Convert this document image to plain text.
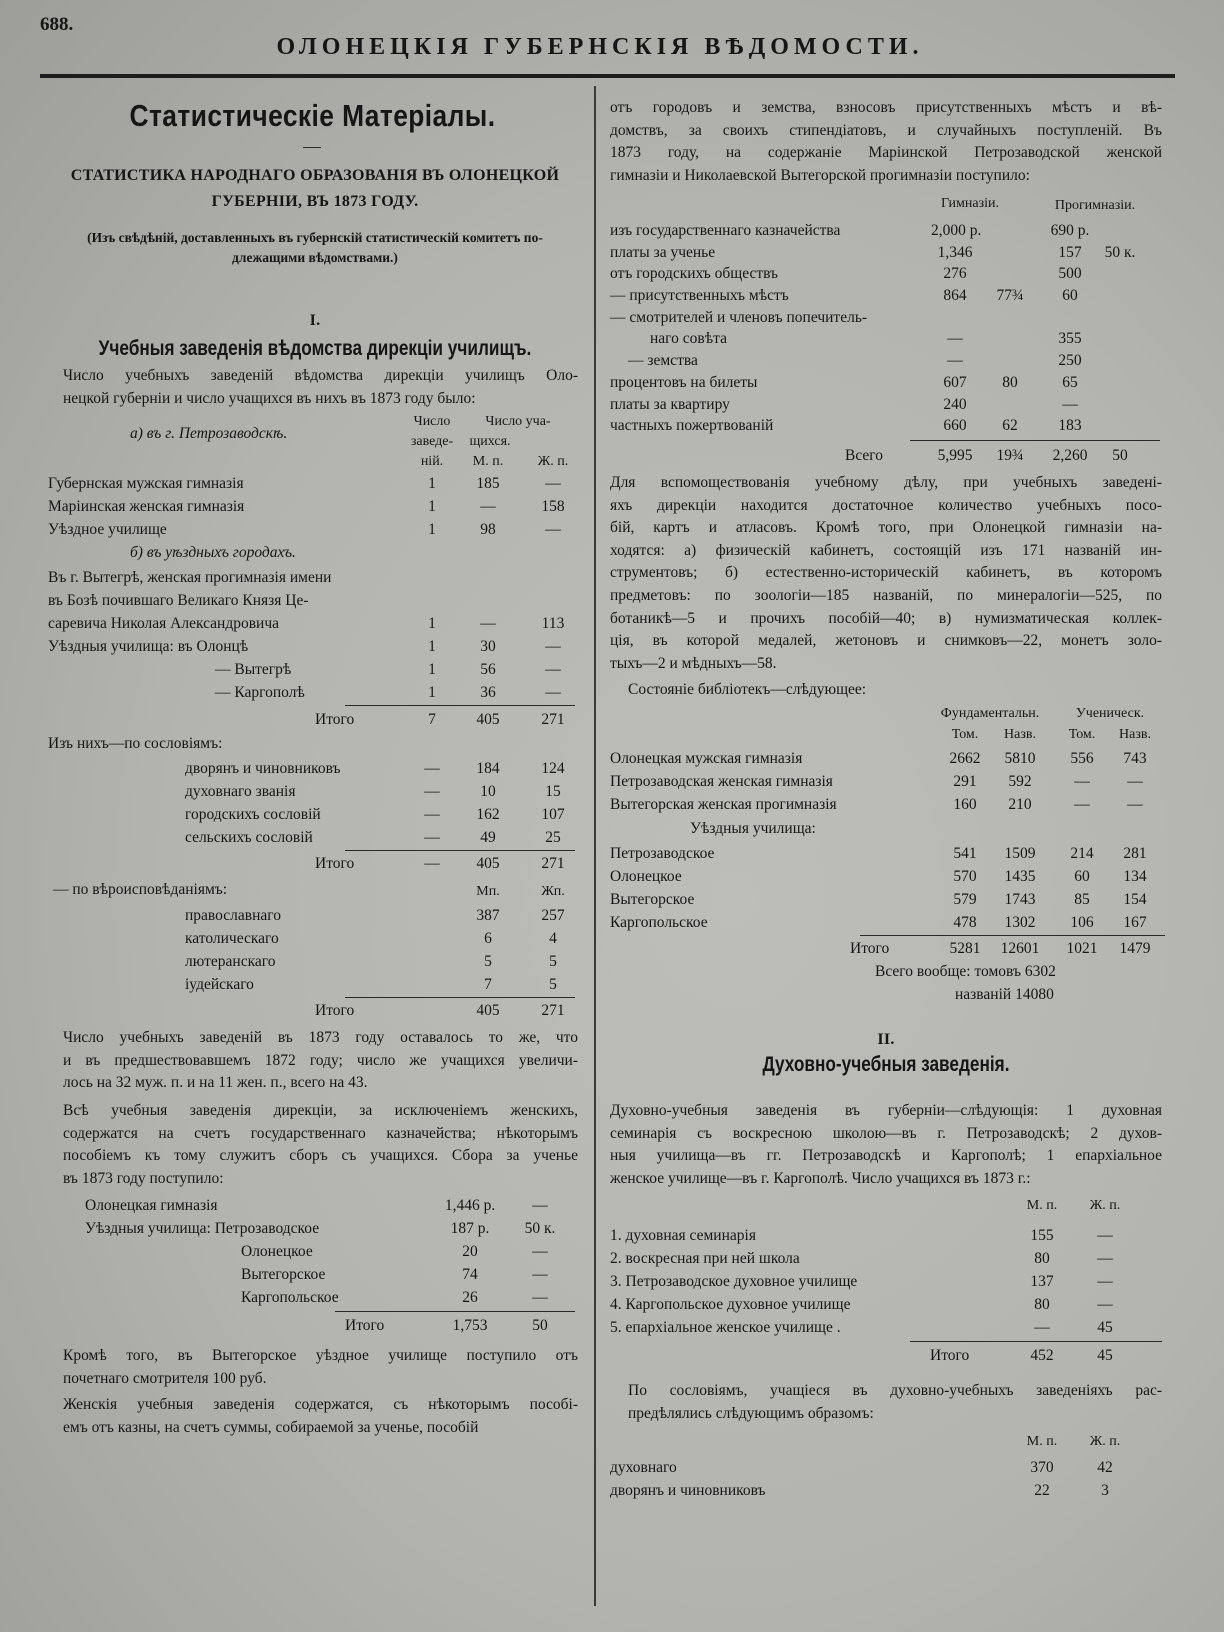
688.
ОЛОНЕЦКІЯ ГУБЕРНСКІЯ ВѢДОМОСТИ.
Статистическіе Матеріалы.
СТАТИСТИКА НАРОДНАГО ОБРАЗОВАНІЯ ВЪ ОЛОНЕЦКОЙ
ГУБЕРНІИ, ВЪ 1873 ГОДУ.
(Изъ свѣдѣній, доставленныхъ въ губернскій статистическій комитетъ по-
длежащими вѣдомствами.)
I.
Учебныя заведенія вѣдомства дирекціи училищъ.
Число учебныхъ заведеній вѣдомства дирекціи училищъ Оло-
нецкой губерніи и число учащихся въ нихъ въ 1873 году было:
Число
заведе-
ній.
Число уча-
щихся.
М. п.	Ж. п.
а) въ г. Петрозаводскѣ.
Губернская мужская гимназія	1	185	—
Маріинская женская гимназія	1	—	158
Уѣздное училище	1	98	—
б) въ уѣздныхъ городахъ.
Въ г. Вытегрѣ, женская прогимназія имени
въ Бозѣ почившаго Великаго Князя Це-
саревича Николая Александровича	1	—	113
Уѣздныя училища: въ Олонцѣ	1	30	—
— Вытегрѣ	1	56	—
— Каргополѣ	1	36	—
Итого	7	405	271
Изъ нихъ—по сословіямъ:
дворянъ и чиновниковъ	—	184	124
духовнаго званія	—	10	15
городскихъ сословій	—	162	107
сельскихъ сословій	—	49	25
Итого	—	405	271
— по вѣроисповѣданіямъ:	Мп.	Жп.
православнаго	387	257
католическаго	6	4
лютеранскаго	5	5
іудейскаго	7	5
Итого	405	271
Число учебныхъ заведеній въ 1873 году оставалось то же, что
и въ предшествовавшемъ 1872 году; число же учащихся увеличи-
лось на 32 муж. п. и на 11 жен. п., всего на 43.
Всѣ учебныя заведенія дирекціи, за исключеніемъ женскихъ,
содержатся на счетъ государственнаго казначейства; нѣкоторымъ
пособіемъ къ тому служитъ сборъ съ учащихся. Сбора за ученье
въ 1873 году поступило:
Олонецкая гимназія	1,446 р.	—
Уѣздныя училища: Петрозаводское	187 р.	50 к.
Олонецкое	20	—
Вытегорское	74	—
Каргопольское	26	—
Итого	1,753	50
Кромѣ того, въ Вытегорское уѣздное училище поступило отъ
почетнаго смотрителя 100 руб.
Женскія учебныя заведенія содержатся, съ нѣкоторымъ пособі-
емъ отъ казны, на счетъ суммы, собираемой за ученье, пособій
II.
Духовно-учебныя заведенія.
отъ городовъ и земства, взносовъ присутственныхъ мѣстъ и вѣ-
домствъ, за своихъ стипендіатовъ, и случайныхъ поступленій. Въ
1873 году, на содержаніе Маріинской Петрозаводской женской
гимназіи и Николаевской Вытегорской прогимназіи поступило:
Гимназіи.	Прогимназіи.
изъ государственнаго казначейства	2,000 р.	690 р.
платы за ученье	1,346	157	50 к.
отъ городскихъ обществъ	276	500
— присутственныхъ мѣстъ	864	77¾	60
— смотрителей и членовъ попечитель-
наго совѣта	—	355
— земства	—	250
процентовъ на билеты	607	80	65
платы за квартиру	240	—
частныхъ пожертвованій	660	62	183
Всего	5,995	19¾	2,260	50
Для вспомоществованія учебному дѣлу, при учебныхъ заведені-
яхъ дирекціи находится достаточное количество учебныхъ посо-
бій, картъ и атласовъ. Кромѣ того, при Олонецкой гимназіи на-
ходятся: а) физическій кабинетъ, состоящій изъ 171 названій ин-
струментовъ; б) естественно-историческій кабинетъ, въ которомъ
предметовъ: по зоологіи—185 названій, по минералогіи—525, по
ботаникѣ—5 и прочихъ пособій—40; в) нумизматическая коллек-
ція, въ которой медалей, жетоновъ и снимковъ—22, монетъ золо-
тыхъ—2 и мѣдныхъ—58.
Состояніе библіотекъ—слѣдующее:
Фундаментальн.	Ученическ.
Том.	Назв.	Том.	Назв.
Олонецкая мужская гимназія	2662	5810	556	743
Петрозаводская женская гимназія	291	592	—	—
Вытегорская женская прогимназія	160	210	—	—
Уѣздныя училища:
Петрозаводское	541	1509	214	281
Олонецкое	570	1435	60	134
Вытегорское	579	1743	85	154
Каргопольское	478	1302	106	167
Итого	5281	12601	1021	1479
Всего вообще: томовъ 6302
названій 14080
Духовно-учебныя заведенія въ губерніи—слѣдующія: 1 духовная
семинарія съ воскресною школою—въ г. Петрозаводскѣ; 2 духов-
ныя училища—въ гг. Петрозаводскѣ и Каргополѣ; 1 епархіальное
женское училище—въ г. Каргополѣ. Число учащихся въ 1873 г.:
М. п.	Ж. п.
1. духовная семинарія	155	—
2. воскресная при ней школа	80	—
3. Петрозаводское духовное училище	137	—
4. Каргопольское духовное училище	80	—
5. епархіальное женское училище .	—	45
Итого	452	45
По сословіямъ, учащіеся въ духовно-учебныхъ заведеніяхъ рас-
предѣлялись слѣдующимъ образомъ:
М. п.	Ж. п.
духовнаго	370	42
дворянъ и чиновниковъ	22	3
